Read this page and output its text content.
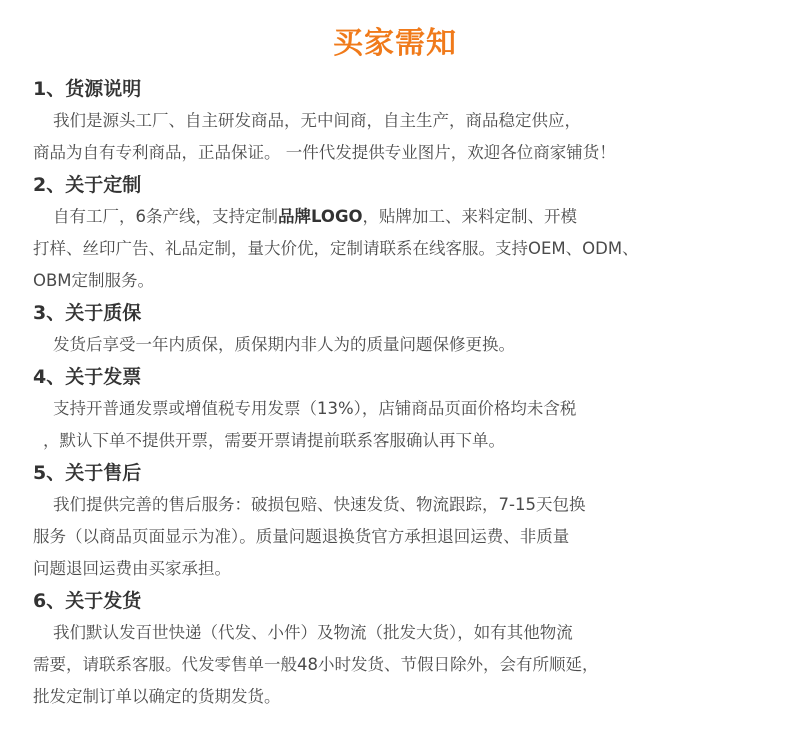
买家需知
1、货源说明
我们是源头工厂、自主研发商品，无中间商，自主生产，商品稳定供应，
商品为自有专利商品，正品保证。 一件代发提供专业图片，欢迎各位商家铺货！
2、关于定制
自有工厂，6条产线，支持定制品牌LOGO，贴牌加工、来料定制、开模
打样、丝印广告、礼品定制，量大价优，定制请联系在线客服。支持OEM、ODM、
OBM定制服务。
3、关于质保
发货后享受一年内质保，质保期内非人为的质量问题保修更换。
4、关于发票
支持开普通发票或增值税专用发票（13%），店铺商品页面价格均未含税
，默认下单不提供开票，需要开票请提前联系客服确认再下单。
5、关于售后
我们提供完善的售后服务：破损包赔、快速发货、物流跟踪，7-15天包换
服务（以商品页面显示为准）。质量问题退换货官方承担退回运费、非质量
问题退回运费由买家承担。
6、关于发货
我们默认发百世快递（代发、小件）及物流（批发大货），如有其他物流
需要，请联系客服。代发零售单一般48小时发货、节假日除外，会有所顺延，
批发定制订单以确定的货期发货。
